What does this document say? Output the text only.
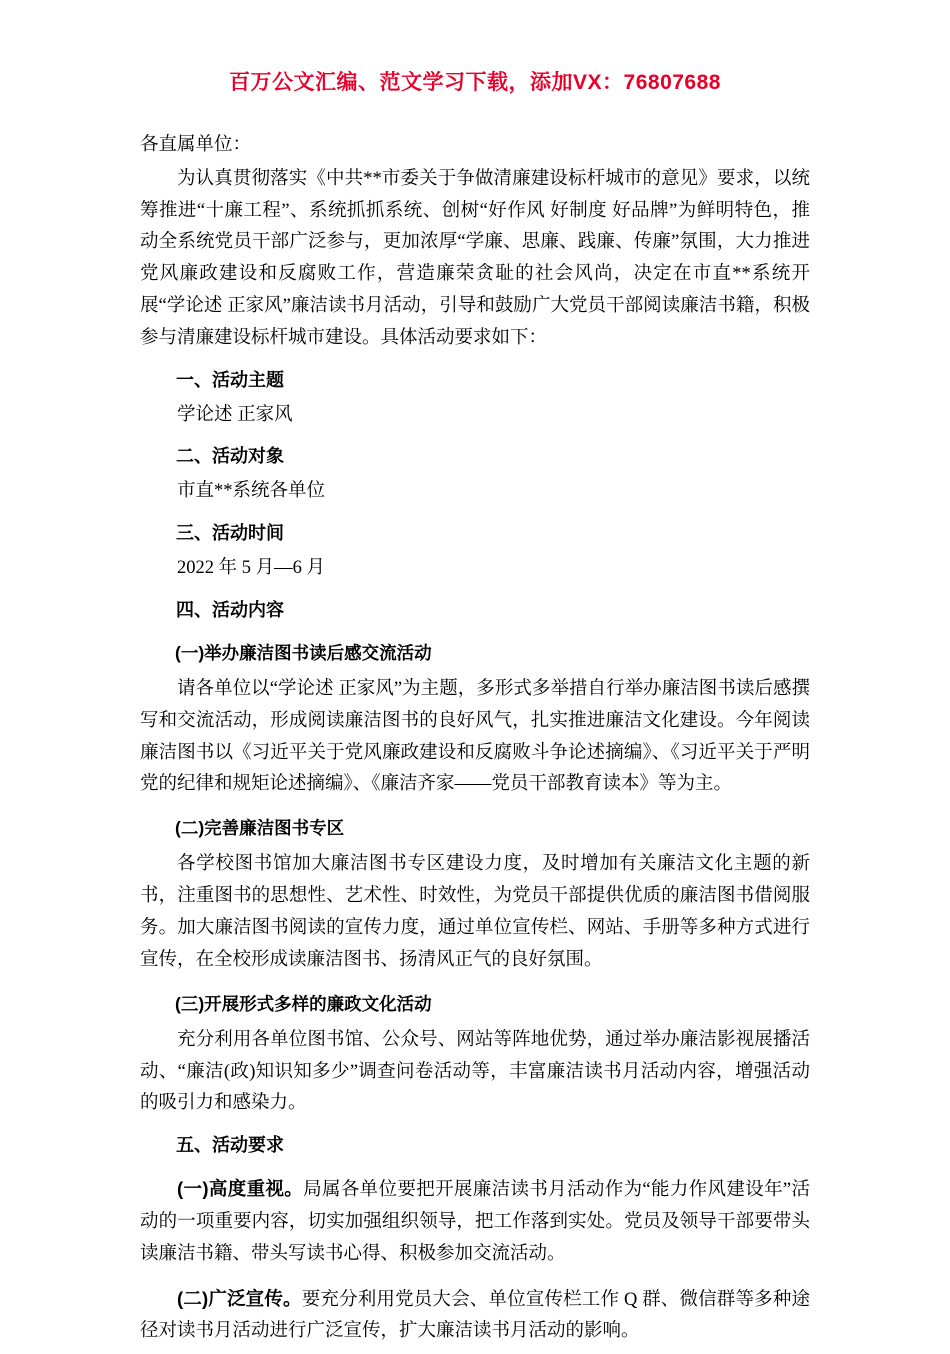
百万公文汇编、范文学习下载，添加VX：76807688

各直属单位：

为认真贯彻落实《中共**市委关于争做清廉建设标杆城市的意见》要求，以统筹推进“十廉工程”、系统抓抓系统、创树“好作风 好制度 好品牌”为鲜明特色，推动全系统党员干部广泛参与，更加浓厚“学廉、思廉、践廉、传廉”氛围，大力推进党风廉政建设和反腐败工作，营造廉荣贪耻的社会风尚，决定在市直**系统开展“学论述 正家风”廉洁读书月活动，引导和鼓励广大党员干部阅读廉洁书籍，积极参与清廉建设标杆城市建设。具体活动要求如下：

一、活动主题

学论述 正家风

二、活动对象

市直**系统各单位

三、活动时间

2022 年 5 月—6 月

四、活动内容
(一)举办廉洁图书读后感交流活动

请各单位以“学论述 正家风”为主题，多形式多举措自行举办廉洁图书读后感撰写和交流活动，形成阅读廉洁图书的良好风气，扎实推进廉洁文化建设。今年阅读廉洁图书以《习近平关于党风廉政建设和反腐败斗争论述摘编》、《习近平关于严明党的纪律和规矩论述摘编》、《廉洁齐家——党员干部教育读本》等为主。

(二)完善廉洁图书专区

各学校图书馆加大廉洁图书专区建设力度，及时增加有关廉洁文化主题的新书，注重图书的思想性、艺术性、时效性，为党员干部提供优质的廉洁图书借阅服务。加大廉洁图书阅读的宣传力度，通过单位宣传栏、网站、手册等多种方式进行宣传，在全校形成读廉洁图书、扬清风正气的良好氛围。

(三)开展形式多样的廉政文化活动

充分利用各单位图书馆、公众号、网站等阵地优势，通过举办廉洁影视展播活动、“廉洁(政)知识知多少”调查问卷活动等，丰富廉洁读书月活动内容，增强活动的吸引力和感染力。

五、活动要求

(一)高度重视。局属各单位要把开展廉洁读书月活动作为“能力作风建设年”活动的一项重要内容，切实加强组织领导，把工作落到实处。党员及领导干部要带头读廉洁书籍、带头写读书心得、积极参加交流活动。

(二)广泛宣传。要充分利用党员大会、单位宣传栏工作 Q 群、微信群等多种途径对读书月活动进行广泛宣传，扩大廉洁读书月活动的影响。
